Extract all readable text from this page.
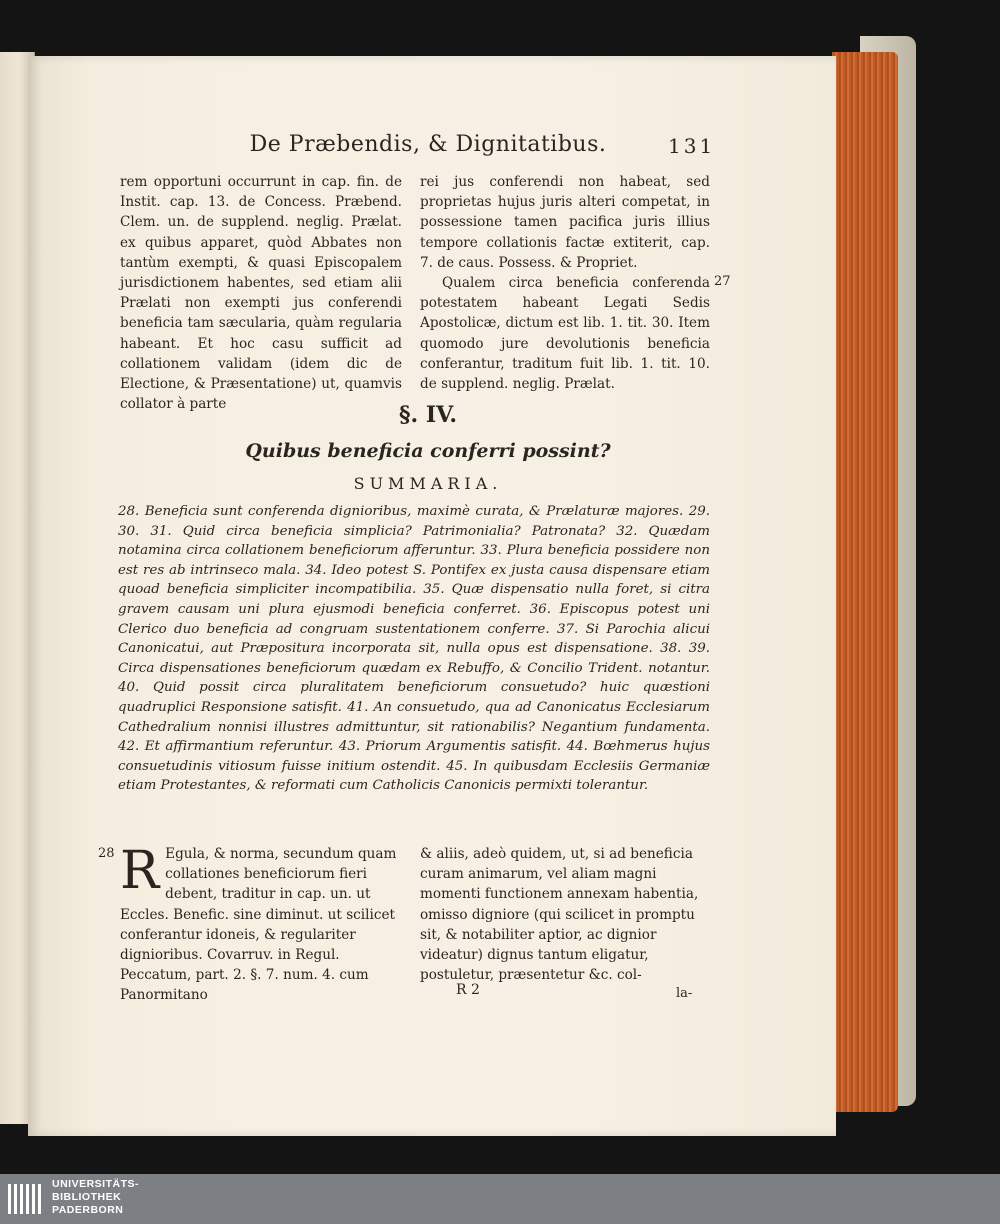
De Præbendis, & Dignitatibus.	131

rem opportuni occurrunt in cap. fin. de Instit. cap. 13. de Concess. Præbend. Clem. un. de supplend. neglig. Prælat. ex quibus apparet, quòd Abbates non tantùm exempti, & quasi Episcopalem jurisdictionem habentes, sed etiam alii Prælati non exempti jus conferendi beneficia tam sæcularia, quàm regularia habeant. Et hoc casu sufficit ad collationem validam (idem dic de Electione, & Præsentatione) ut, quamvis collator à parte

rei jus conferendi non habeat, sed proprietas hujus juris alteri competat, in possessione tamen pacifica juris illius tempore collationis factæ extiterit, cap. 7. de caus. Possess. & Propriet.

Qualem circa beneficia conferenda potestatem habeant Legati Sedis Apostolicæ, dictum est lib. 1. tit. 30. Item quomodo jure devolutionis beneficia conferantur, traditum fuit lib. 1. tit. 10. de supplend. neglig. Prælat.

27
§. IV.
Quibus beneficia conferri possint?
SUMMARIA.
28. Beneficia sunt conferenda dignioribus, maximè curata, & Prælaturæ majores. 29. 30. 31. Quid circa beneficia simplicia? Patrimonialia? Patronata? 32. Quædam notamina circa collationem beneficiorum afferuntur. 33. Plura beneficia possidere non est res ab intrinseco mala. 34. Ideo potest S. Pontifex ex justa causa dispensare etiam quoad beneficia simpliciter incompatibilia. 35. Quæ dispensatio nulla foret, si citra gravem causam uni plura ejusmodi beneficia conferret. 36. Episcopus potest uni Clerico duo beneficia ad congruam sustentationem conferre. 37. Si Parochia alicui Canonicatui, aut Præpositura incorporata sit, nulla opus est dispensatione. 38. 39. Circa dispensationes beneficiorum quædam ex Rebuffo, & Concilio Trident. notantur. 40. Quid possit circa pluralitatem beneficiorum consuetudo? huic quæstioni quadruplici Responsione satisfit. 41. An consuetudo, qua ad Canonicatus Ecclesiarum Cathedralium nonnisi illustres admittuntur, sit rationabilis? Negantium fundamenta. 42. Et affirmantium referuntur. 43. Priorum Argumentis satisfit. 44. Bœhmerus hujus consuetudinis vitiosum fuisse initium ostendit. 45. In quibusdam Ecclesiis Germaniæ etiam Protestantes, & reformati cum Catholicis Canonicis permixti tolerantur.
28 R Egula, & norma, secundum quam collationes beneficiorum fieri debent, traditur in cap. un. ut Eccles. Benefic. sine diminut. ut scilicet conferantur idoneis, & regulariter dignioribus. Covarruv. in Regul. Peccatum, part. 2. §. 7. num. 4. cum Panormitano
& aliis, adeò quidem, ut, si ad beneficia curam animarum, vel aliam magni momenti functionem annexam habentia, omisso digniore (qui scilicet in promptu sit, & notabiliter aptior, ac dignior videatur) dignus tantum eligatur, postuletur, præsentetur &c. col-
R 2	la-
UNIVERSITÄTS-
BIBLIOTHEK
PADERBORN
